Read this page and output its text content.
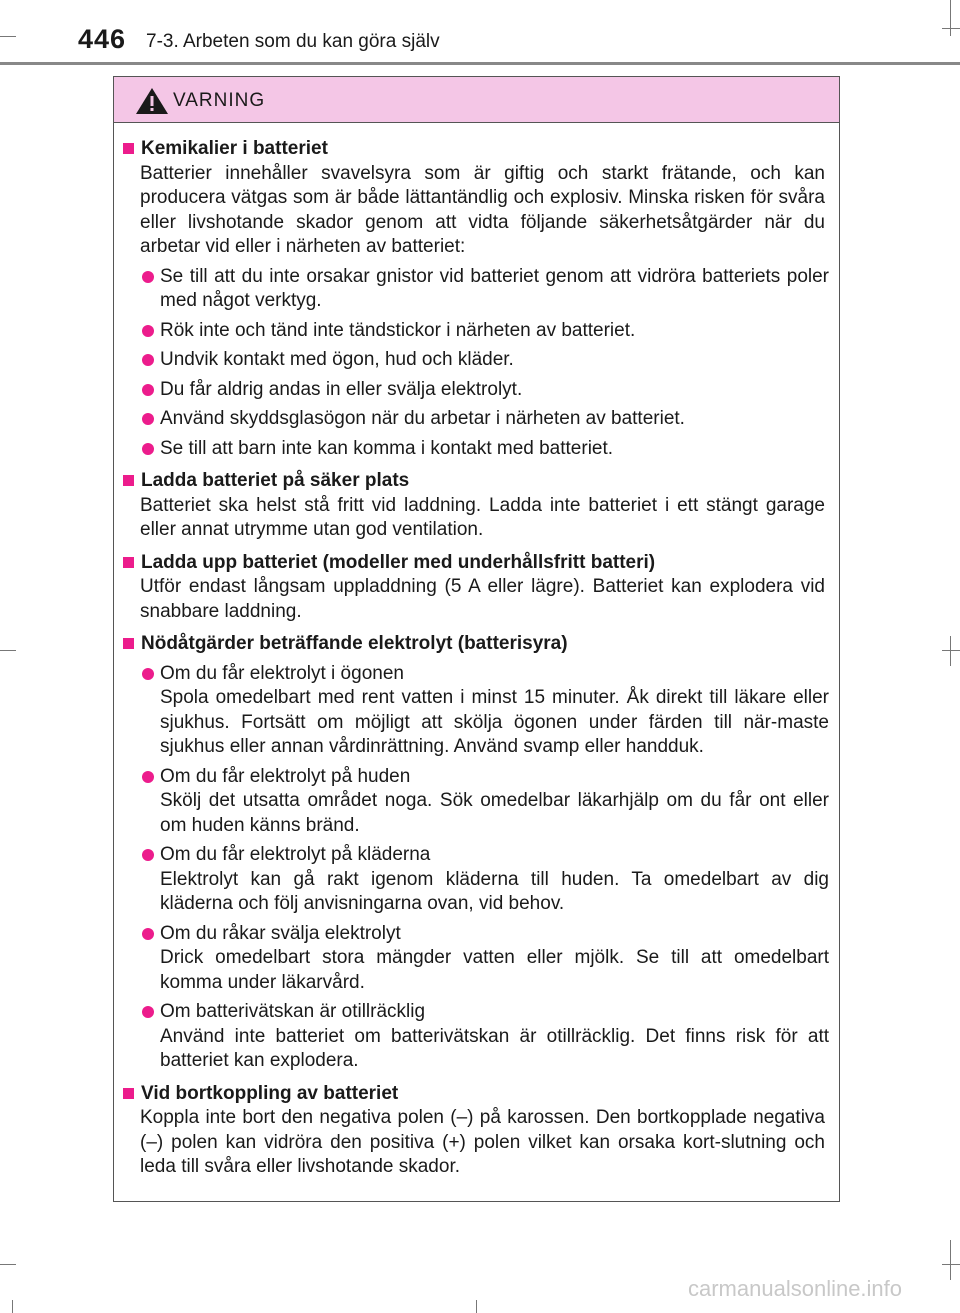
446 7-3. Arbeten som du kan göra själv
VARNING
Kemikalier i batteriet
Batterier innehåller svavelsyra som är giftig och starkt frätande, och kan producera vätgas som är både lättantändlig och explosiv. Minska risken för svåra eller livshotande skador genom att vidta följande säkerhetsåtgärder när du arbetar vid eller i närheten av batteriet:
Se till att du inte orsakar gnistor vid batteriet genom att vidröra batteriets poler med något verktyg.
Rök inte och tänd inte tändstickor i närheten av batteriet.
Undvik kontakt med ögon, hud och kläder.
Du får aldrig andas in eller svälja elektrolyt.
Använd skyddsglasögon när du arbetar i närheten av batteriet.
Se till att barn inte kan komma i kontakt med batteriet.
Ladda batteriet på säker plats
Batteriet ska helst stå fritt vid laddning. Ladda inte batteriet i ett stängt garage eller annat utrymme utan god ventilation.
Ladda upp batteriet (modeller med underhållsfritt batteri)
Utför endast långsam uppladdning (5 A eller lägre). Batteriet kan explodera vid snabbare laddning.
Nödåtgärder beträffande elektrolyt (batterisyra)
Om du får elektrolyt i ögonen
Spola omedelbart med rent vatten i minst 15 minuter. Åk direkt till läkare eller sjukhus. Fortsätt om möjligt att skölja ögonen under färden till när-maste sjukhus eller annan vårdinrättning. Använd svamp eller handduk.
Om du får elektrolyt på huden
Skölj det utsatta området noga. Sök omedelbar läkarhjälp om du får ont eller om huden känns bränd.
Om du får elektrolyt på kläderna
Elektrolyt kan gå rakt igenom kläderna till huden. Ta omedelbart av dig kläderna och följ anvisningarna ovan, vid behov.
Om du råkar svälja elektrolyt
Drick omedelbart stora mängder vatten eller mjölk. Se till att omedelbart komma under läkarvård.
Om batterivätskan är otillräcklig
Använd inte batteriet om batterivätskan är otillräcklig. Det finns risk för att batteriet kan explodera.
Vid bortkoppling av batteriet
Koppla inte bort den negativa polen (–) på karossen. Den bortkopplade negativa (–) polen kan vidröra den positiva (+) polen vilket kan orsaka kort-slutning och leda till svåra eller livshotande skador.
carmanualsonline.info
